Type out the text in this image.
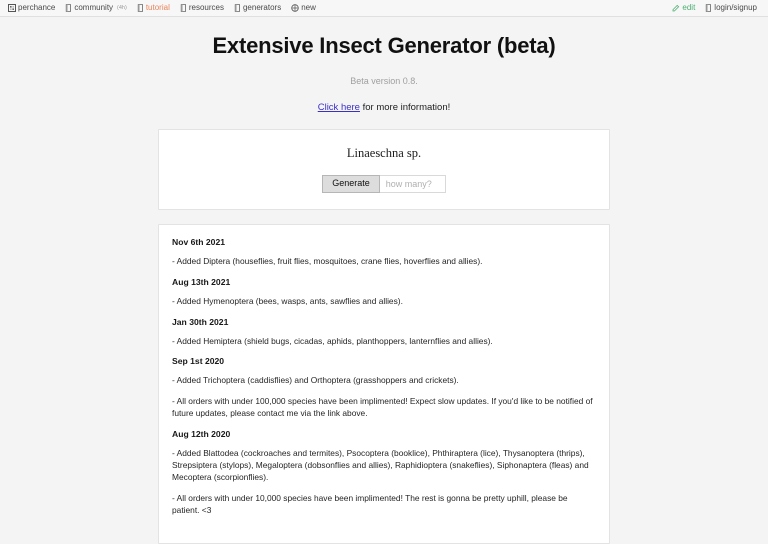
perchance community (4h) tutorial resources generators	new	edit login/signup
Extensive Insect Generator (beta)
Beta version 0.8.
Click here for more information!
Linaeschna sp.
Generate
how many?
Nov 6th 2021
- Added Diptera (houseflies, fruit flies, mosquitoes, crane flies, hoverflies and allies).
Aug 13th 2021
- Added Hymenoptera (bees, wasps, ants, sawflies and allies).
Jan 30th 2021
- Added Hemiptera (shield bugs, cicadas, aphids, planthoppers, lanternflies and allies).
Sep 1st 2020
- Added Trichoptera (caddisflies) and Orthoptera (grasshoppers and crickets).
- All orders with under 100,000 species have been implimented! Expect slow updates. If you'd like to be notified of future updates, please contact me via the link above.
Aug 12th 2020
- Added Blattodea (cockroaches and termites), Psocoptera (booklice), Phthiraptera (lice), Thysanoptera (thrips), Strepsiptera (stylops), Megaloptera (dobsonflies and allies), Raphidioptera (snakeflies), Siphonaptera (fleas) and Mecoptera (scorpionflies).
- All orders with under 10,000 species have been implimented! The rest is gonna be pretty uphill, please be patient. <3
